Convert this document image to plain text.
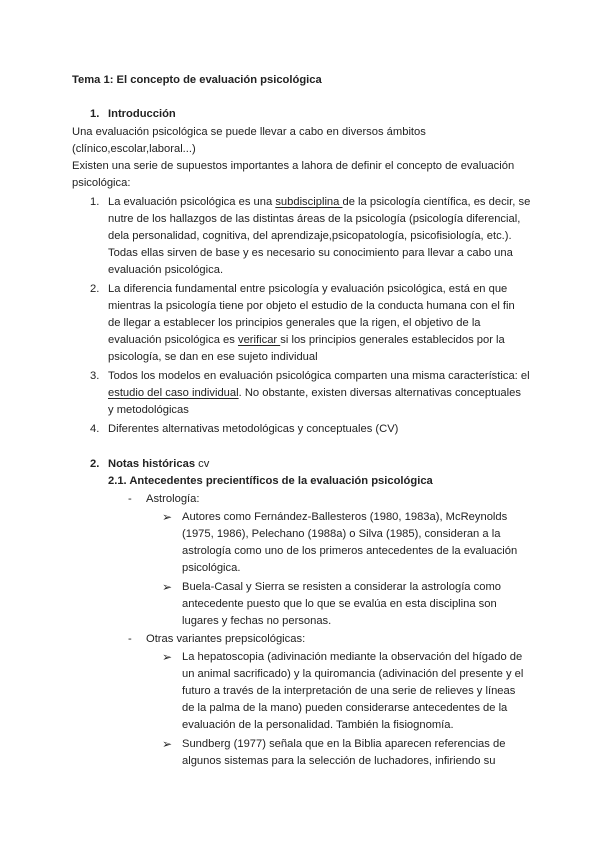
Tema 1: El concepto de evaluación psicológica
1. Introducción
Una evaluación psicológica se puede llevar a cabo en diversos ámbitos
(clínico,escolar,laboral...)
Existen una serie de supuestos importantes a lahora de definir el concepto de evaluación
psicológica:
1. La evaluación psicológica es una subdisciplina de la psicología científica, es decir, se
nutre de los hallazgos de las distintas áreas de la psicología (psicología diferencial,
dela personalidad, cognitiva, del aprendizaje,psicopatología, psicofisiología, etc.).
Todas ellas sirven de base y es necesario su conocimiento para llevar a cabo una
evaluación psicológica.
2. La diferencia fundamental entre psicología y evaluación psicológica, está en que
mientras la psicología tiene por objeto el estudio de la conducta humana con el fin
de llegar a establecer los principios generales que la rigen, el objetivo de la
evaluación psicológica es verificar si los principios generales establecidos por la
psicología, se dan en ese sujeto individual
3. Todos los modelos en evaluación psicológica comparten una misma característica: el
estudio del caso individual. No obstante, existen diversas alternativas conceptuales
y metodológicas
4. Diferentes alternativas metodológicas y conceptuales (CV)
2. Notas históricas cv
2.1. Antecedentes precientíficos de la evaluación psicológica
- Astrología:
➢ Autores como Fernández-Ballesteros (1980, 1983a), McReynolds
(1975, 1986), Pelechano (1988a) o Silva (1985), consideran a la
astrología como uno de los primeros antecedentes de la evaluación
psicológica.
➢ Buela-Casal y Sierra se resisten a considerar la astrología como
antecedente puesto que lo que se evalúa en esta disciplina son
lugares y fechas no personas.
- Otras variantes prepsicológicas:
➢ La hepatoscopia (adivinación mediante la observación del hígado de
un animal sacrificado) y la quiromancia (adivinación del presente y el
futuro a través de la interpretación de una serie de relieves y líneas
de la palma de la mano) pueden considerarse antecedentes de la
evaluación de la personalidad. También la fisiognomía.
➢ Sundberg (1977) señala que en la Biblia aparecen referencias de
algunos sistemas para la selección de luchadores, infiriendo su
